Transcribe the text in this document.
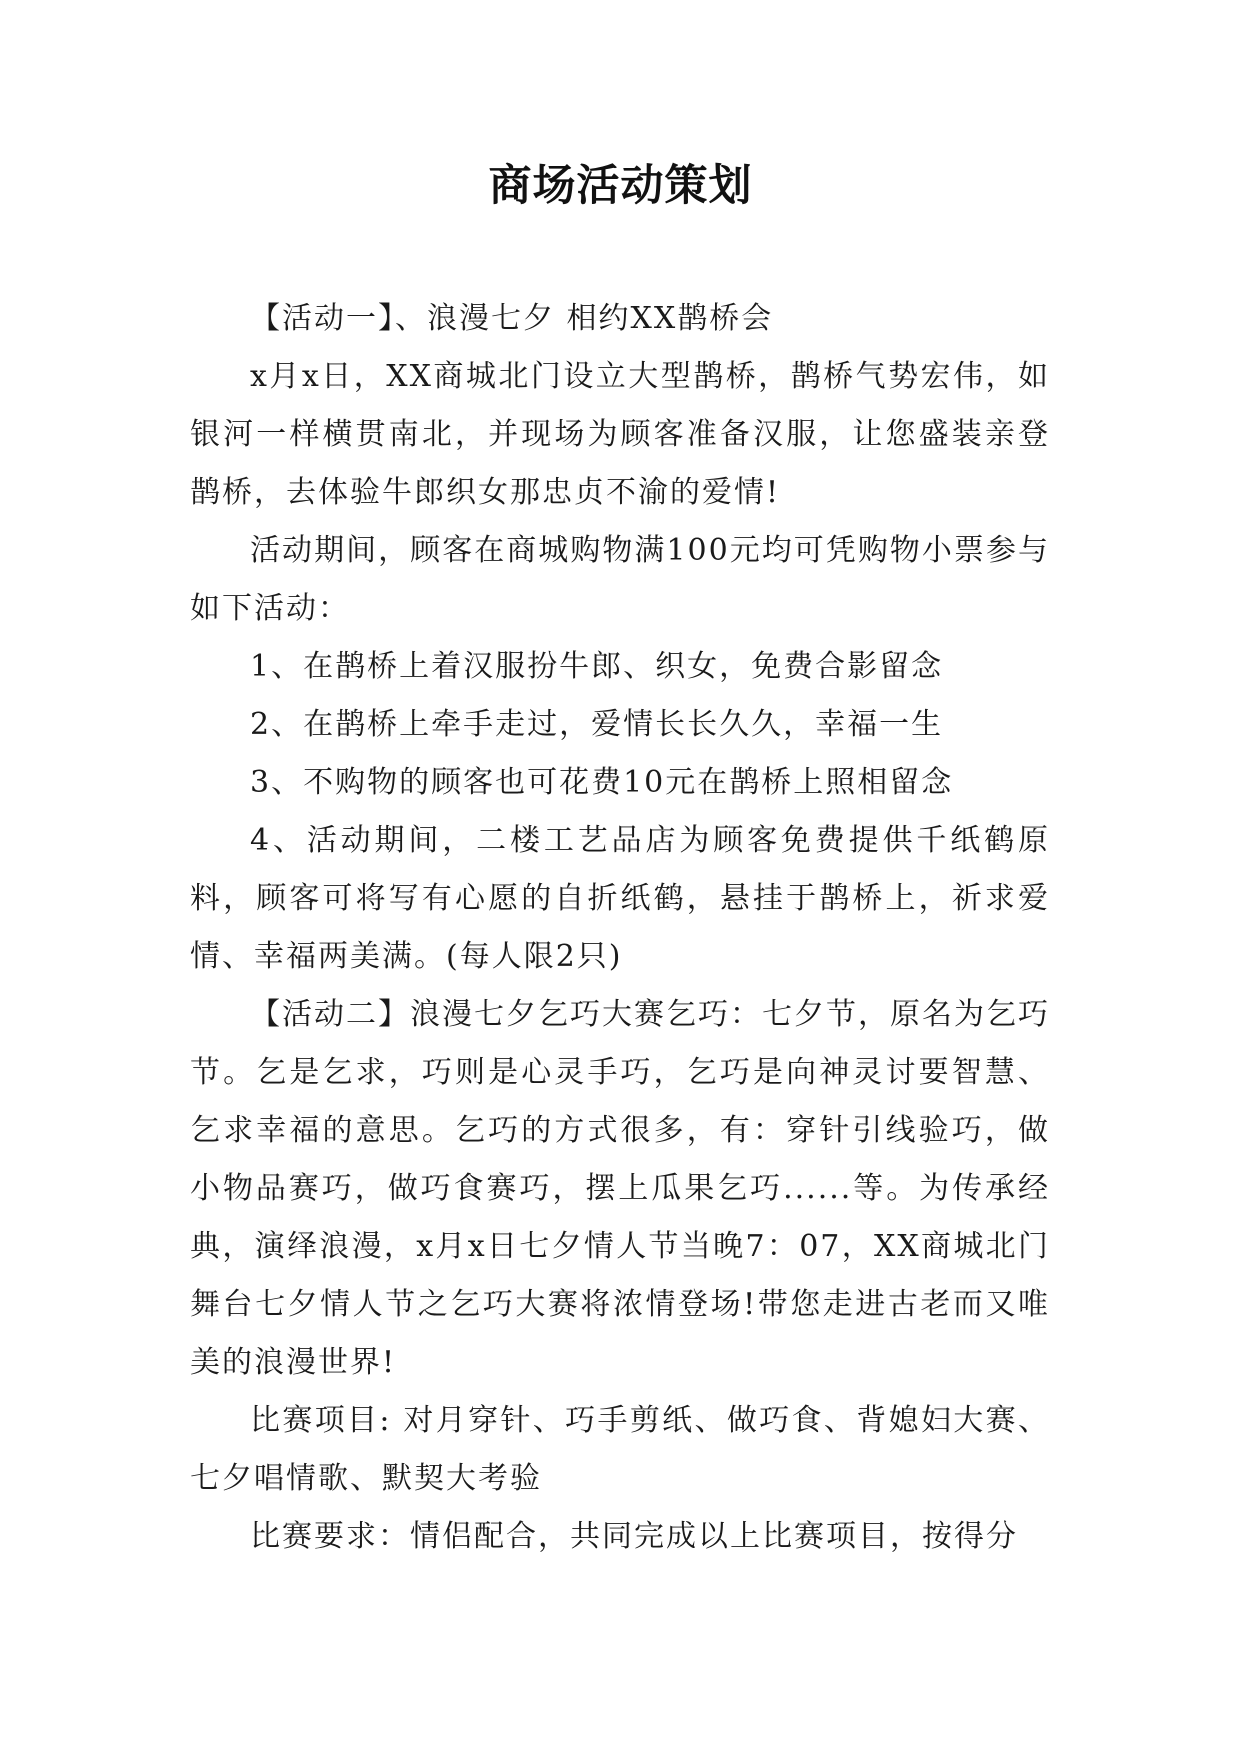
商场活动策划

【活动一】、浪漫七夕 相约XX鹊桥会

x月x日，XX商城北门设立大型鹊桥，鹊桥气势宏伟，如银河一样横贯南北，并现场为顾客准备汉服，让您盛装亲登鹊桥，去体验牛郎织女那忠贞不渝的爱情!

活动期间，顾客在商城购物满100元均可凭购物小票参与如下活动：

1、在鹊桥上着汉服扮牛郎、织女，免费合影留念

2、在鹊桥上牵手走过，爱情长长久久，幸福一生

3、不购物的顾客也可花费10元在鹊桥上照相留念

4、活动期间，二楼工艺品店为顾客免费提供千纸鹤原料，顾客可将写有心愿的自折纸鹤，悬挂于鹊桥上，祈求爱情、幸福两美满。(每人限2只)

【活动二】浪漫七夕乞巧大赛乞巧：七夕节，原名为乞巧节。乞是乞求，巧则是心灵手巧，乞巧是向神灵讨要智慧、乞求幸福的意思。乞巧的方式很多，有：穿针引线验巧，做小物品赛巧，做巧食赛巧，摆上瓜果乞巧......等。为传承经典，演绎浪漫，x月x日七夕情人节当晚7：07，XX商城北门舞台七夕情人节之乞巧大赛将浓情登场!带您走进古老而又唯美的浪漫世界!

比赛项目: 对月穿针、巧手剪纸、做巧食、背媳妇大赛、七夕唱情歌、默契大考验

比赛要求：情侣配合，共同完成以上比赛项目，按得分
